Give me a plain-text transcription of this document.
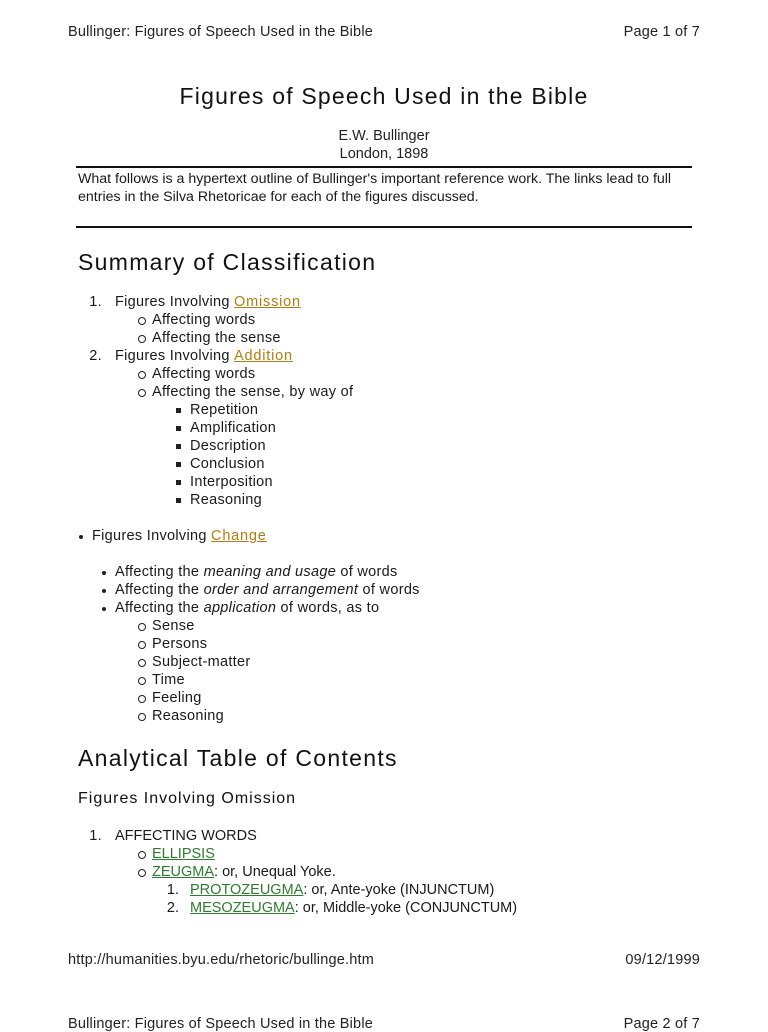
Bullinger: Figures of Speech Used in the Bible	Page 1 of 7
Figures of Speech Used in the Bible
E.W. Bullinger
London, 1898
What follows is a hypertext outline of Bullinger's important reference work. The links lead to full entries in the Silva Rhetoricae for each of the figures discussed.
Summary of Classification
1. Figures Involving Omission
Affecting words
Affecting the sense
2. Figures Involving Addition
Affecting words
Affecting the sense, by way of
Repetition
Amplification
Description
Conclusion
Interposition
Reasoning
Figures Involving Change
Affecting the meaning and usage of words
Affecting the order and arrangement of words
Affecting the application of words, as to
Sense
Persons
Subject-matter
Time
Feeling
Reasoning
Analytical Table of Contents
Figures Involving Omission
1. AFFECTING WORDS
ELLIPSIS
ZEUGMA: or, Unequal Yoke.
1. PROTOZEUGMA: or, Ante-yoke (INJUNCTUM)
2. MESOZEUGMA: or, Middle-yoke (CONJUNCTUM)
http://humanities.byu.edu/rhetoric/bullinge.htm	09/12/1999
Bullinger: Figures of Speech Used in the Bible	Page 2 of 7
